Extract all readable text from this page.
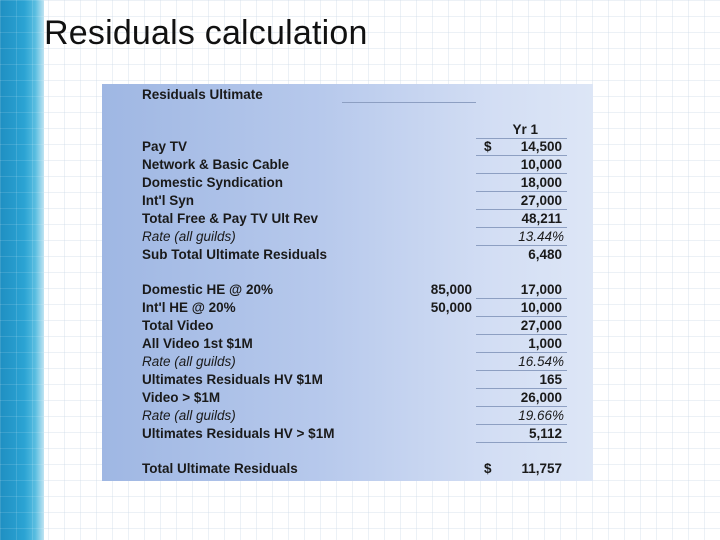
Residuals calculation
Residuals Ultimate
Yr 1
Pay TV	$	14,500
Network & Basic Cable	10,000
Domestic Syndication	18,000
Int'l Syn	27,000
Total Free & Pay TV Ult Rev	48,211
Rate (all guilds)	13.44%
Sub Total Ultimate Residuals	6,480
Domestic HE @ 20%	85,000	17,000
Int'l HE @ 20%	50,000	10,000
Total Video	27,000
All Video 1st $1M	1,000
Rate (all guilds)	16.54%
Ultimates Residuals HV $1M	165
Video > $1M	26,000
Rate (all guilds)	19.66%
Ultimates Residuals HV > $1M	5,112
Total Ultimate Residuals	$	11,757
